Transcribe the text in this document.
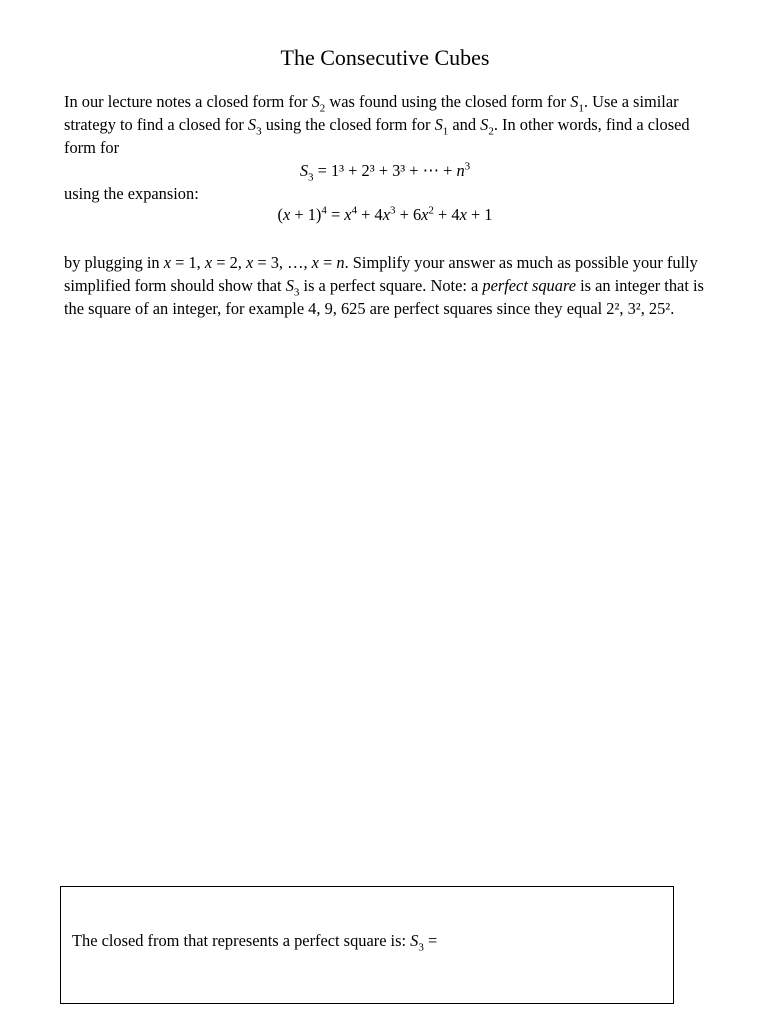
The Consecutive Cubes
In our lecture notes a closed form for $S_2$ was found using the closed form for $S_1$. Use a similar strategy to find a closed for $S_3$ using the closed form for $S_1$ and $S_2$. In other words, find a closed form for
$S_3 = 1^3 + 2^3 + 3^3$ + ⋯ + $n^3$
using the expansion:
$(x + 1)^4 = x^4 + 4x^3 + 6x^2 + 4x + 1$
by plugging in x = 1, x = 2, x = 3, …, x = n. Simplify your answer as much as possible your fully simplified form should show that $S_3$ is a perfect square. Note: a perfect square is an integer that is the square of an integer, for example 4, 9, 625 are perfect squares since they equal 2², 3², 25².
The closed from that represents a perfect square is: $S_3$ =
